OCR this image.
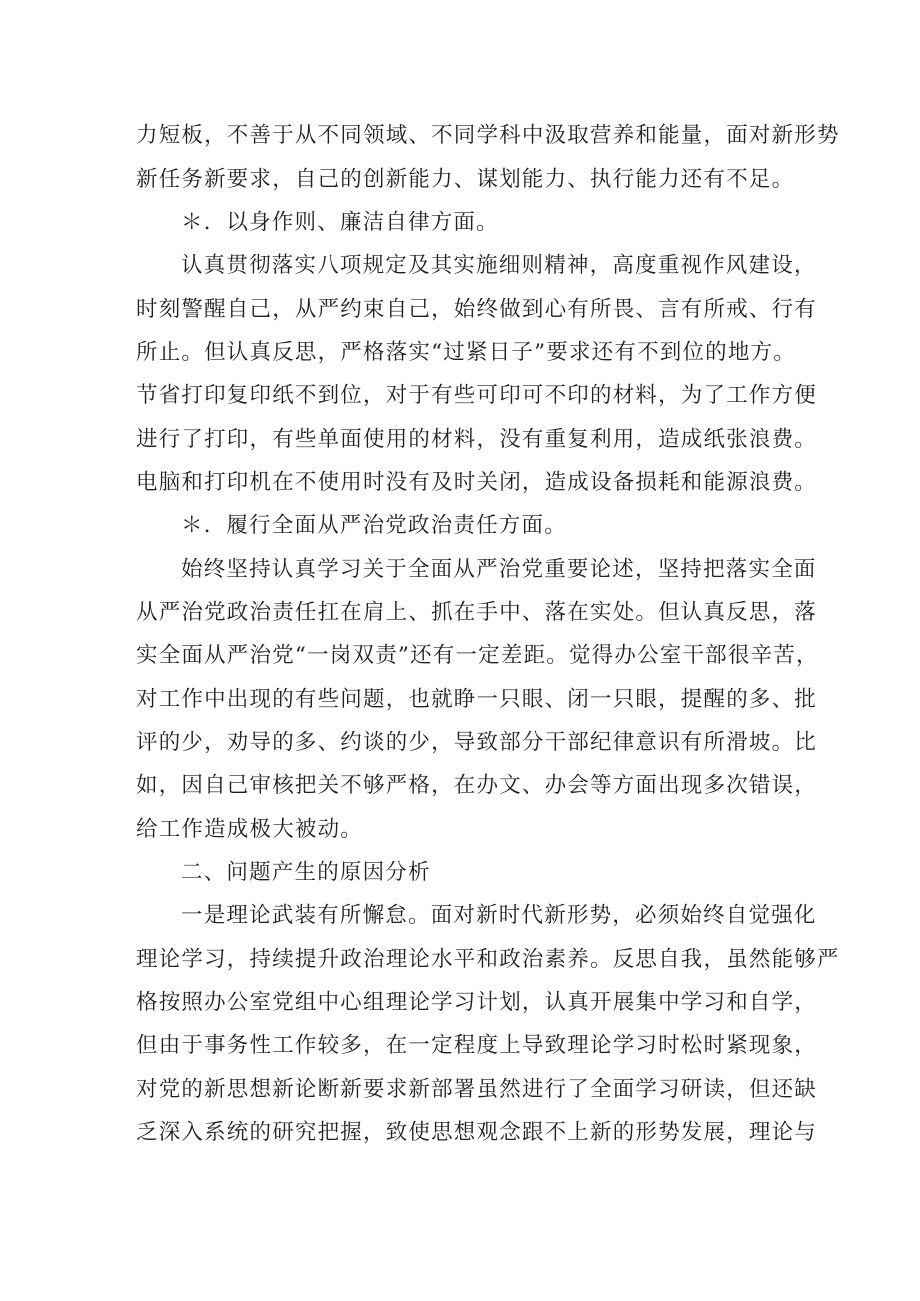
力短板，不善于从不同领域、不同学科中汲取营养和能量，面对新形势
新任务新要求，自己的创新能力、谋划能力、执行能力还有不足。
＊．以身作则、廉洁自律方面。
认真贯彻落实八项规定及其实施细则精神，高度重视作风建设，
时刻警醒自己，从严约束自己，始终做到心有所畏、言有所戒、行有
所止。但认真反思，严格落实“过紧日子”要求还有不到位的地方。
节省打印复印纸不到位，对于有些可印可不印的材料，为了工作方便
进行了打印，有些单面使用的材料，没有重复利用，造成纸张浪费。
电脑和打印机在不使用时没有及时关闭，造成设备损耗和能源浪费。
＊．履行全面从严治党政治责任方面。
始终坚持认真学习关于全面从严治党重要论述，坚持把落实全面
从严治党政治责任扛在肩上、抓在手中、落在实处。但认真反思，落
实全面从严治党“一岗双责”还有一定差距。觉得办公室干部很辛苦，
对工作中出现的有些问题，也就睁一只眼、闭一只眼，提醒的多、批
评的少，劝导的多、约谈的少，导致部分干部纪律意识有所滑坡。比
如，因自己审核把关不够严格，在办文、办会等方面出现多次错误，
给工作造成极大被动。
二、问题产生的原因分析
一是理论武装有所懈怠。面对新时代新形势，必须始终自觉强化
理论学习，持续提升政治理论水平和政治素养。反思自我，虽然能够严
格按照办公室党组中心组理论学习计划，认真开展集中学习和自学，
但由于事务性工作较多，在一定程度上导致理论学习时松时紧现象，
对党的新思想新论断新要求新部署虽然进行了全面学习研读，但还缺
乏深入系统的研究把握，致使思想观念跟不上新的形势发展，理论与
